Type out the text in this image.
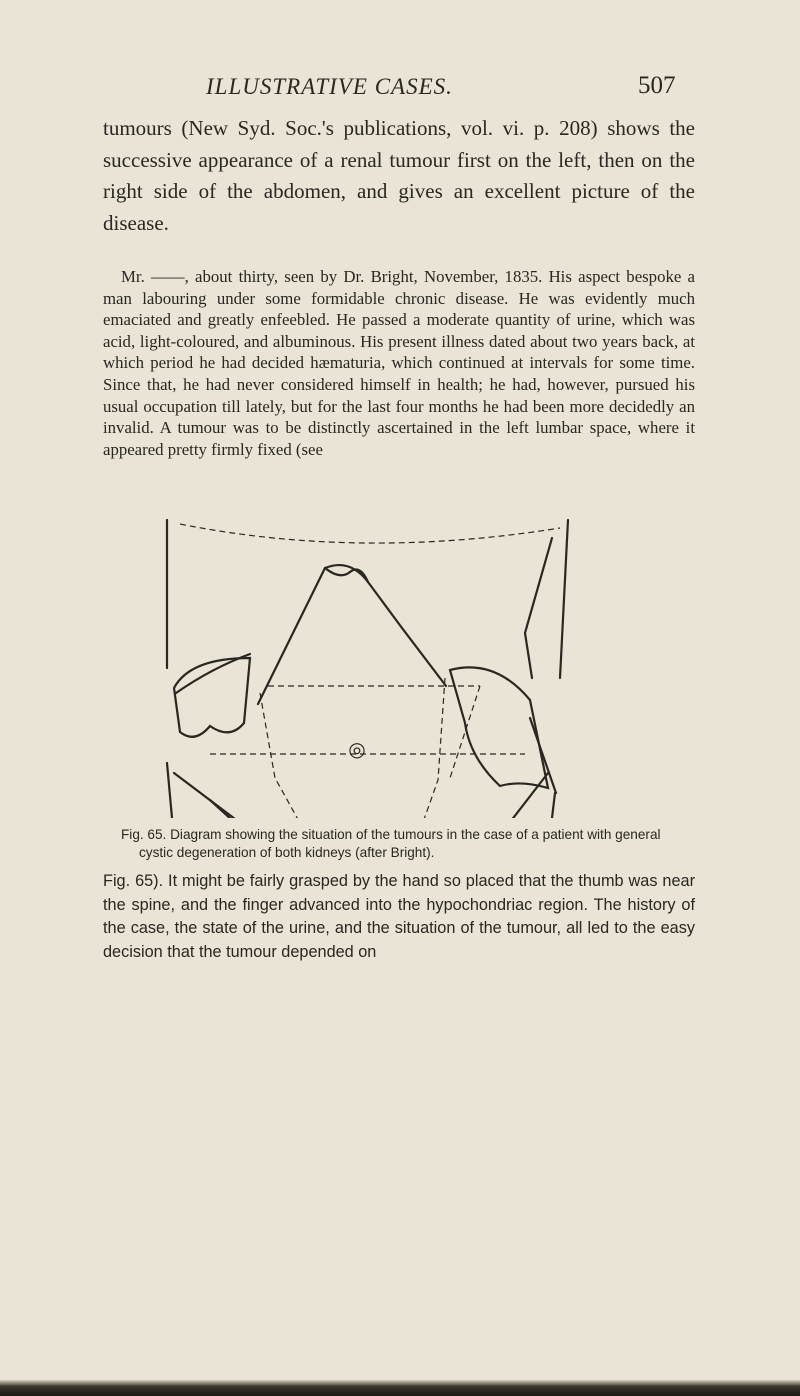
ILLUSTRATIVE CASES.	507

tumours (New Syd. Soc.'s publications, vol. vi. p. 208) shows the successive appearance of a renal tumour first on the left, then on the right side of the abdomen, and gives an excellent picture of the disease.

Mr. ——, about thirty, seen by Dr. Bright, November, 1835. His aspect bespoke a man labouring under some formidable chronic disease. He was evidently much emaciated and greatly enfeebled. He passed a moderate quantity of urine, which was acid, light-coloured, and albuminous. His present illness dated about two years back, at which period he had decided hæmaturia, which continued at intervals for some time. Since that, he had never considered himself in health; he had, however, pursued his usual occupation till lately, but for the last four months he had been more decidedly an invalid. A tumour was to be distinctly ascertained in the left lumbar space, where it appeared pretty firmly fixed (see

◎

Fig. 65. Diagram showing the situation of the tumours in the case of a patient with general cystic degeneration of both kidneys (after Bright).

Fig. 65). It might be fairly grasped by the hand so placed that the thumb was near the spine, and the finger advanced into the hypochondriac region. The history of the case, the state of the urine, and the situation of the tumour, all led to the easy decision that the tumour depended on
